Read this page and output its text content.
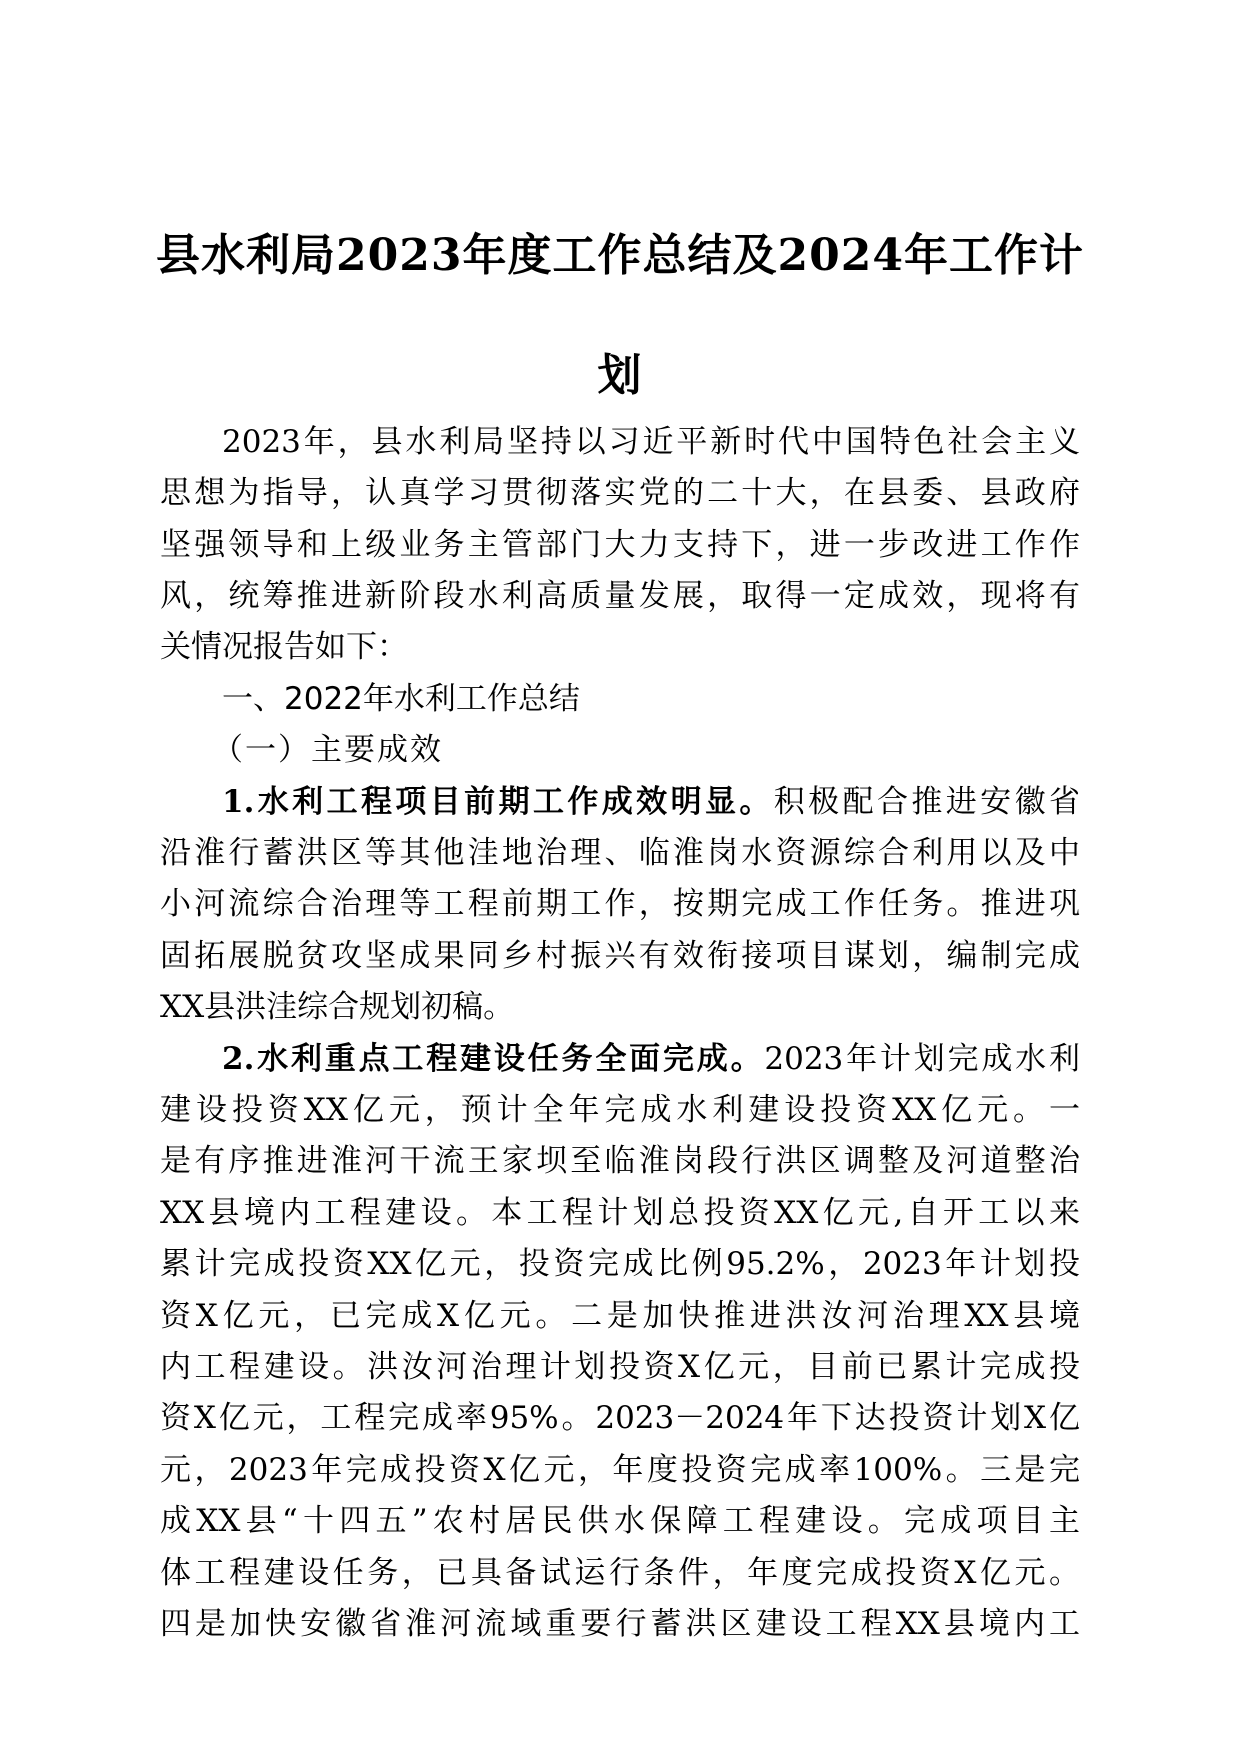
县水利局2023年度工作总结及2024年工作计
划

2023年，县水利局坚持以习近平新时代中国特色社会主义

思想为指导，认真学习贯彻落实党的二十大，在县委、县政府

坚强领导和上级业务主管部门大力支持下，进一步改进工作作

风，统筹推进新阶段水利高质量发展，取得一定成效，现将有

关情况报告如下：

一、2022年水利工作总结

（一）主要成效

1.水利工程项目前期工作成效明显。积极配合推进安徽省

沿淮行蓄洪区等其他洼地治理、临淮岗水资源综合利用以及中

小河流综合治理等工程前期工作，按期完成工作任务。推进巩

固拓展脱贫攻坚成果同乡村振兴有效衔接项目谋划，编制完成

XX县洪洼综合规划初稿。

2.水利重点工程建设任务全面完成。2023年计划完成水利

建设投资XX亿元，预计全年完成水利建设投资XX亿元。一

是有序推进淮河干流王家坝至临淮岗段行洪区调整及河道整治

XX县境内工程建设。本工程计划总投资XX亿元,自开工以来

累计完成投资XX亿元，投资完成比例95.2%，2023年计划投

资X亿元，已完成X亿元。二是加快推进洪汝河治理XX县境

内工程建设。洪汝河治理计划投资X亿元，目前已累计完成投

资X亿元，工程完成率95%。2023－2024年下达投资计划X亿

元，2023年完成投资X亿元，年度投资完成率100%。三是完

成XX县“十四五”农村居民供水保障工程建设。完成项目主

体工程建设任务，已具备试运行条件，年度完成投资X亿元。

四是加快安徽省淮河流域重要行蓄洪区建设工程XX县境内工
